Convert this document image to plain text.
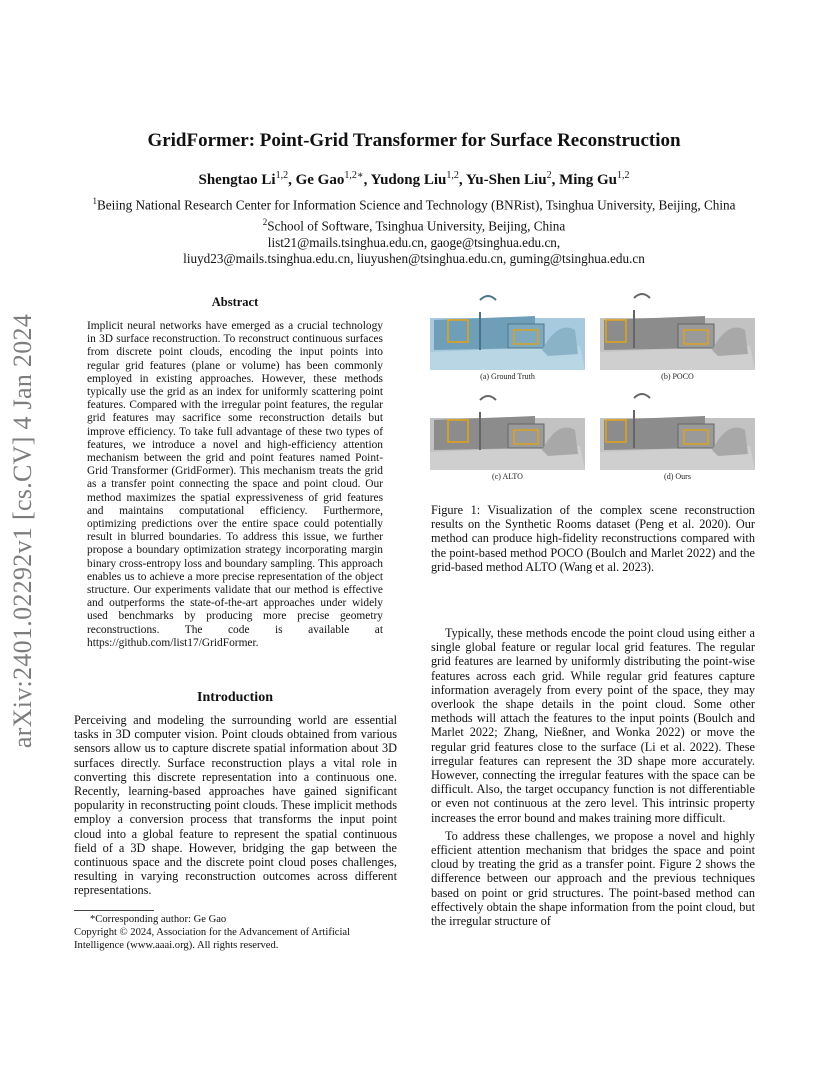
arXiv:2401.02292v1 [cs.CV] 4 Jan 2024
GridFormer: Point-Grid Transformer for Surface Reconstruction
Shengtao Li$^{1,2}$, Ge Gao$^{1,2∗}$, Yudong Liu$^{1,2}$, Yu-Shen Liu$^2$, Ming Gu$^{1,2}$
$^1$Beiing National Research Center for Information Science and Technology (BNRist), Tsinghua University, Beijing, China
$^2$School of Software, Tsinghua University, Beijing, China
list21@mails.tsinghua.edu.cn, gaoge@tsinghua.edu.cn,
liuyd23@mails.tsinghua.edu.cn, liuyushen@tsinghua.edu.cn, guming@tsinghua.edu.cn
Abstract
Implicit neural networks have emerged as a crucial technology in 3D surface reconstruction. To reconstruct continuous surfaces from discrete point clouds, encoding the input points into regular grid features (plane or volume) has been commonly employed in existing approaches. However, these methods typically use the grid as an index for uniformly scattering point features. Compared with the irregular point features, the regular grid features may sacrifice some reconstruction details but improve efficiency. To take full advantage of these two types of features, we introduce a novel and high-efficiency attention mechanism between the grid and point features named Point-Grid Transformer (GridFormer). This mechanism treats the grid as a transfer point connecting the space and point cloud. Our method maximizes the spatial expressiveness of grid features and maintains computational efficiency. Furthermore, optimizing predictions over the entire space could potentially result in blurred boundaries. To address this issue, we further propose a boundary optimization strategy incorporating margin binary cross-entropy loss and boundary sampling. This approach enables us to achieve a more precise representation of the object structure. Our experiments validate that our method is effective and outperforms the state-of-the-art approaches under widely used benchmarks by producing more precise geometry reconstructions. The code is available at https://github.com/list17/GridFormer.
Introduction

Perceiving and modeling the surrounding world are essential tasks in 3D computer vision. Point clouds obtained from various sensors allow us to capture discrete spatial information about 3D surfaces directly. Surface reconstruction plays a vital role in converting this discrete representation into a continuous one. Recently, learning-based approaches have gained significant popularity in reconstructing point clouds. These implicit methods employ a conversion process that transforms the input point cloud into a global feature to represent the spatial continuous field of a 3D shape. However, bridging the gap between the continuous space and the discrete point cloud poses challenges, resulting in varying reconstruction outcomes across different representations.

*Corresponding author: Ge Gao
Copyright © 2024, Association for the Advancement of Artificial Intelligence (www.aaai.org). All rights reserved.
(a) Ground Truth	(b) POCO
(c) ALTO	(d) Ours
Figure 1: Visualization of the complex scene reconstruction results on the Synthetic Rooms dataset (Peng et al. 2020). Our method can produce high-fidelity reconstructions compared with the point-based method POCO (Boulch and Marlet 2022) and the grid-based method ALTO (Wang et al. 2023).

Typically, these methods encode the point cloud using either a single global feature or regular local grid features. The regular grid features are learned by uniformly distributing the point-wise features across each grid. While regular grid features capture information averagely from every point of the space, they may overlook the shape details in the point cloud. Some other methods will attach the features to the input points (Boulch and Marlet 2022; Zhang, Nießner, and Wonka 2022) or move the regular grid features close to the surface (Li et al. 2022). These irregular features can represent the 3D shape more accurately. However, connecting the irregular features with the space can be difficult. Also, the target occupancy function is not differentiable or even not continuous at the zero level. This intrinsic property increases the error bound and makes training more difficult.

To address these challenges, we propose a novel and highly efficient attention mechanism that bridges the space and point cloud by treating the grid as a transfer point. Figure 2 shows the difference between our approach and the previous techniques based on point or grid structures. The point-based method can effectively obtain the shape information from the point cloud, but the irregular structure of
